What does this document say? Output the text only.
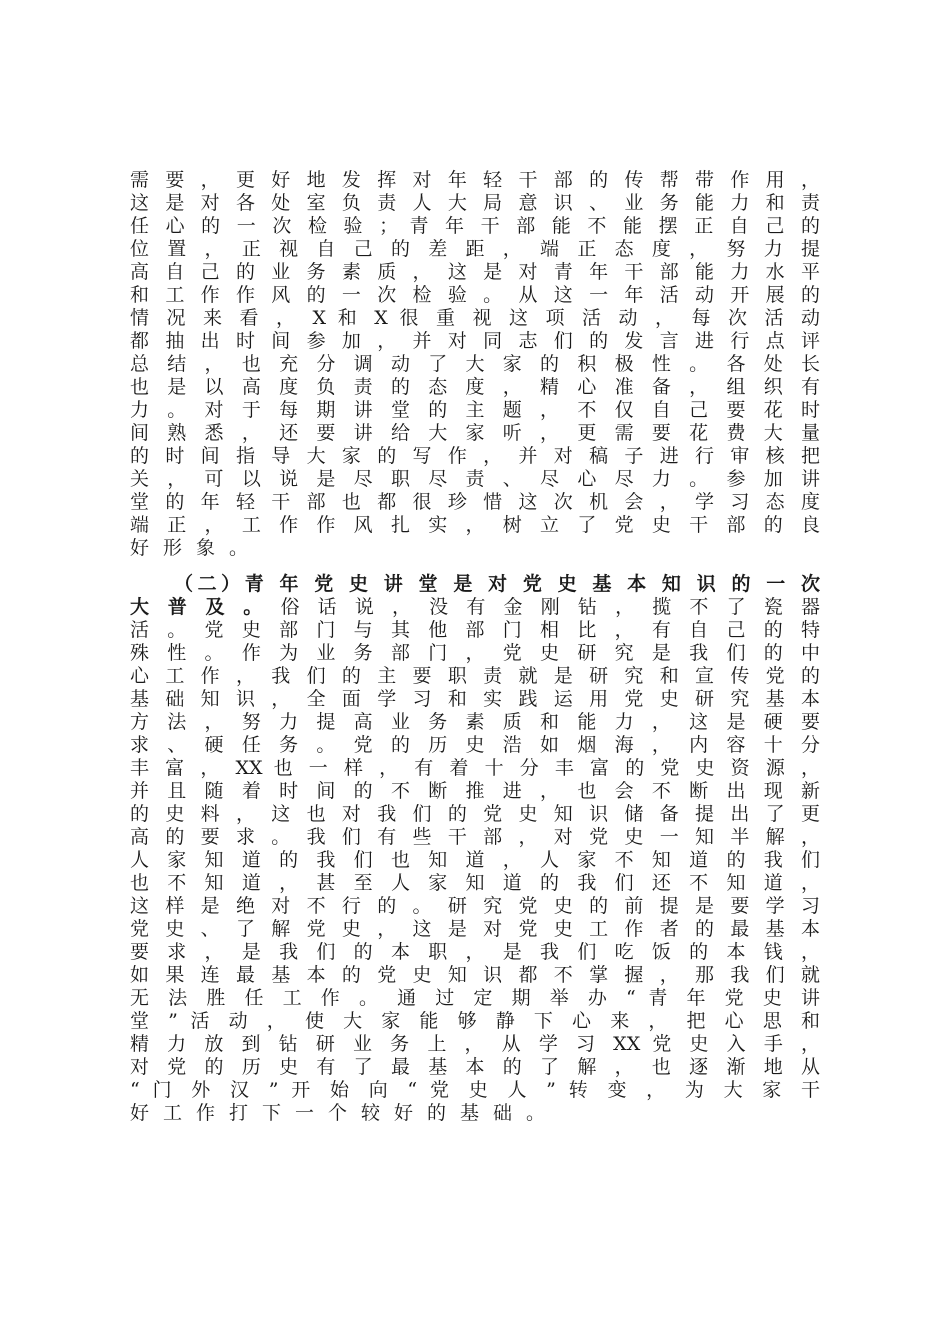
需 要 ， 更 好 地 发 挥 对 年 轻 干 部 的 传 帮 带 作 用 ，
这 是 对 各 处 室 负 责 人 大 局 意 识 、 业 务 能 力 和 责
任 心 的 一 次 检 验 ； 青 年 干 部 能 不 能 摆 正 自 己 的
位 置 ， 正 视 自 己 的 差 距 ， 端 正 态 度 ， 努 力 提
高 自 己 的 业 务 素 质 ， 这 是 对 青 年 干 部 能 力 水 平
和 工 作 作 风 的 一 次 检 验 。 从 这 一 年 活 动 开 展 的
情 况 来 看 ， X 和 X 很 重 视 这 项 活 动 ， 每 次 活 动
都 抽 出 时 间 参 加 ， 并 对 同 志 们 的 发 言 进 行 点 评
总 结 ， 也 充 分 调 动 了 大 家 的 积 极 性 。 各 处 长
也 是 以 高 度 负 责 的 态 度 ， 精 心 准 备 ， 组 织 有
力 。 对 于 每 期 讲 堂 的 主 题 ， 不 仅 自 己 要 花 时
间 熟 悉 ， 还 要 讲 给 大 家 听 ， 更 需 要 花 费 大 量
的 时 间 指 导 大 家 的 写 作 ， 并 对 稿 子 进 行 审 核 把
关 ， 可 以 说 是 尽 职 尽 责 、 尽 心 尽 力 。 参 加 讲
堂 的 年 轻 干 部 也 都 很 珍 惜 这 次 机 会 ， 学 习 态 度
端 正 ， 工 作 作 风 扎 实 ， 树 立 了 党 史 干 部 的 良
好形象。
（二）青 年 党 史 讲 堂 是 对 党 史 基 本 知 识 的 一 次
大 普 及 。 俗 话 说 ， 没 有 金 刚 钻 ， 揽 不 了 瓷 器
活 。 党 史 部 门 与 其 他 部 门 相 比 ， 有 自 己 的 特
殊 性 。 作 为 业 务 部 门 ， 党 史 研 究 是 我 们 的 中
心 工 作 ， 我 们 的 主 要 职 责 就 是 研 究 和 宣 传 党 的
基 础 知 识 ， 全 面 学 习 和 实 践 运 用 党 史 研 究 基 本
方 法 ， 努 力 提 高 业 务 素 质 和 能 力 ， 这 是 硬 要
求 、 硬 任 务 。 党 的 历 史 浩 如 烟 海 ， 内 容 十 分
丰 富 ， XX 也 一 样 ， 有 着 十 分 丰 富 的 党 史 资 源 ，
并 且 随 着 时 间 的 不 断 推 进 ， 也 会 不 断 出 现 新
的 史 料 ， 这 也 对 我 们 的 党 史 知 识 储 备 提 出 了 更
高 的 要 求 。 我 们 有 些 干 部 ， 对 党 史 一 知 半 解 ，
人 家 知 道 的 我 们 也 知 道 ， 人 家 不 知 道 的 我 们
也 不 知 道 ， 甚 至 人 家 知 道 的 我 们 还 不 知 道 ，
这 样 是 绝 对 不 行 的 。 研 究 党 史 的 前 提 是 要 学 习
党 史 、 了 解 党 史 ， 这 是 对 党 史 工 作 者 的 最 基 本
要 求 ， 是 我 们 的 本 职 ， 是 我 们 吃 饭 的 本 钱 ，
如 果 连 最 基 本 的 党 史 知 识 都 不 掌 握 ， 那 我 们 就
无 法 胜 任 工 作 。 通 过 定 期 举 办 “ 青 年 党 史 讲
堂 ” 活 动 ， 使 大 家 能 够 静 下 心 来 ， 把 心 思 和
精 力 放 到 钻 研 业 务 上 ， 从 学 习 XX 党 史 入 手 ，
对 党 的 历 史 有 了 最 基 本 的 了 解 ， 也 逐 渐 地 从
“ 门 外 汉 ” 开 始 向 “ 党 史 人 ” 转 变 ， 为 大 家 干
好工作打下一个较好的基础。
